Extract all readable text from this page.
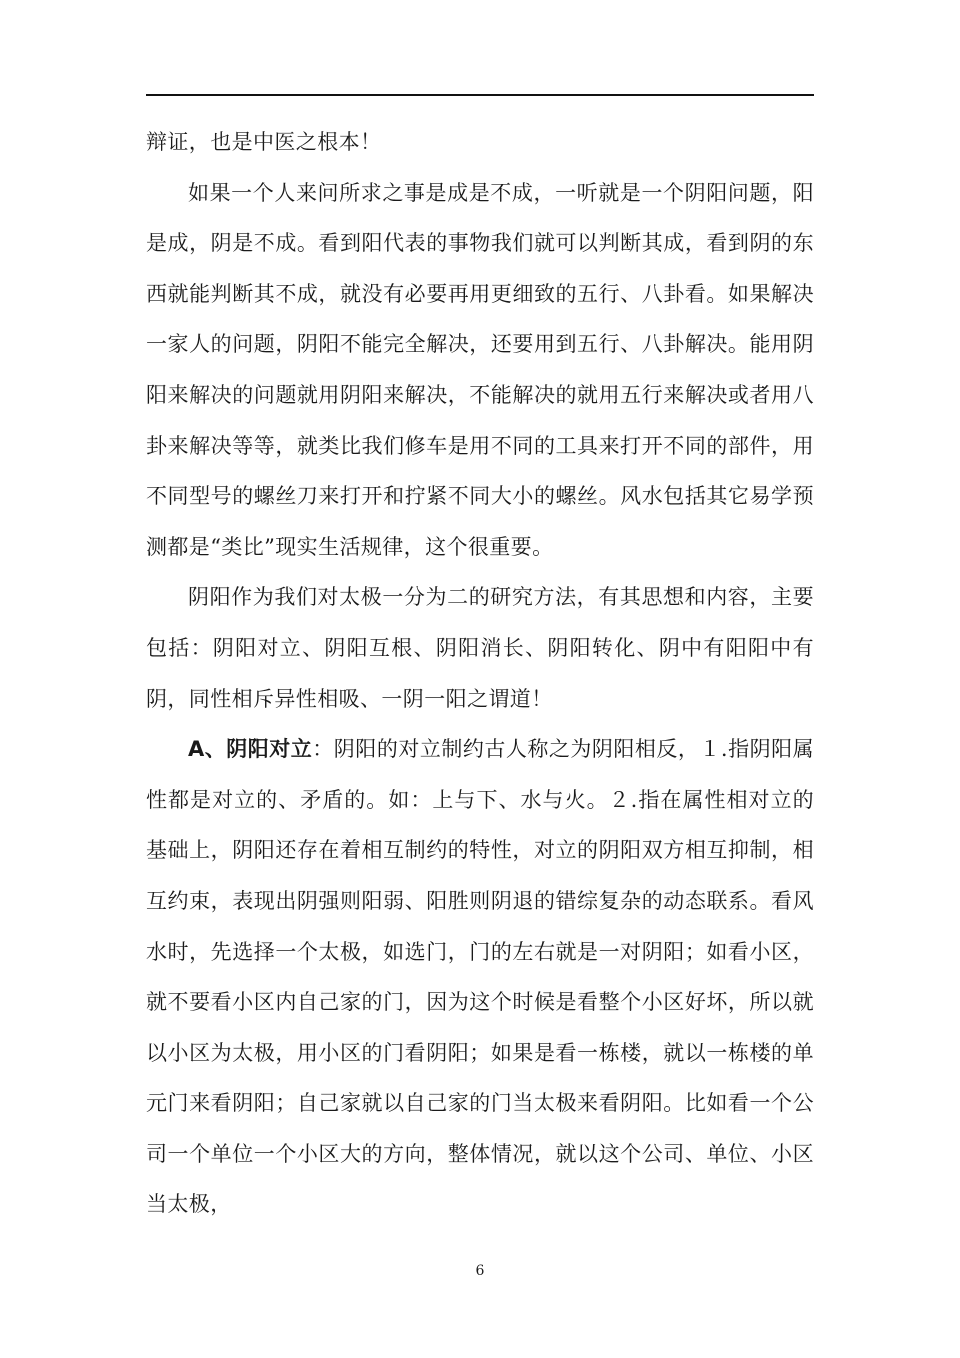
辩证，也是中医之根本！

如果一个人来问所求之事是成是不成，一听就是一个阴阳问题，阳是成，阴是不成。看到阳代表的事物我们就可以判断其成，看到阴的东西就能判断其不成，就没有必要再用更细致的五行、八卦看。如果解决一家人的问题，阴阳不能完全解决，还要用到五行、八卦解决。能用阴阳来解决的问题就用阴阳来解决，不能解决的就用五行来解决或者用八卦来解决等等，就类比我们修车是用不同的工具来打开不同的部件，用不同型号的螺丝刀来打开和拧紧不同大小的螺丝。风水包括其它易学预测都是“类比”现实生活规律，这个很重要。

阴阳作为我们对太极一分为二的研究方法，有其思想和内容，主要包括：阴阳对立、阴阳互根、阴阳消长、阴阳转化、阴中有阳阳中有阴，同性相斥异性相吸、一阴一阳之谓道！

A、阴阳对立：阴阳的对立制约古人称之为阴阳相反，１.指阴阳属性都是对立的、矛盾的。如：上与下、水与火。２.指在属性相对立的基础上，阴阳还存在着相互制约的特性，对立的阴阳双方相互抑制，相互约束，表现出阴强则阳弱、阳胜则阴退的错综复杂的动态联系。看风水时，先选择一个太极，如选门，门的左右就是一对阴阳；如看小区，就不要看小区内自己家的门，因为这个时候是看整个小区好坏，所以就以小区为太极，用小区的门看阴阳；如果是看一栋楼，就以一栋楼的单元门来看阴阳；自己家就以自己家的门当太极来看阴阳。比如看一个公司一个单位一个小区大的方向，整体情况，就以这个公司、单位、小区当太极，

6
